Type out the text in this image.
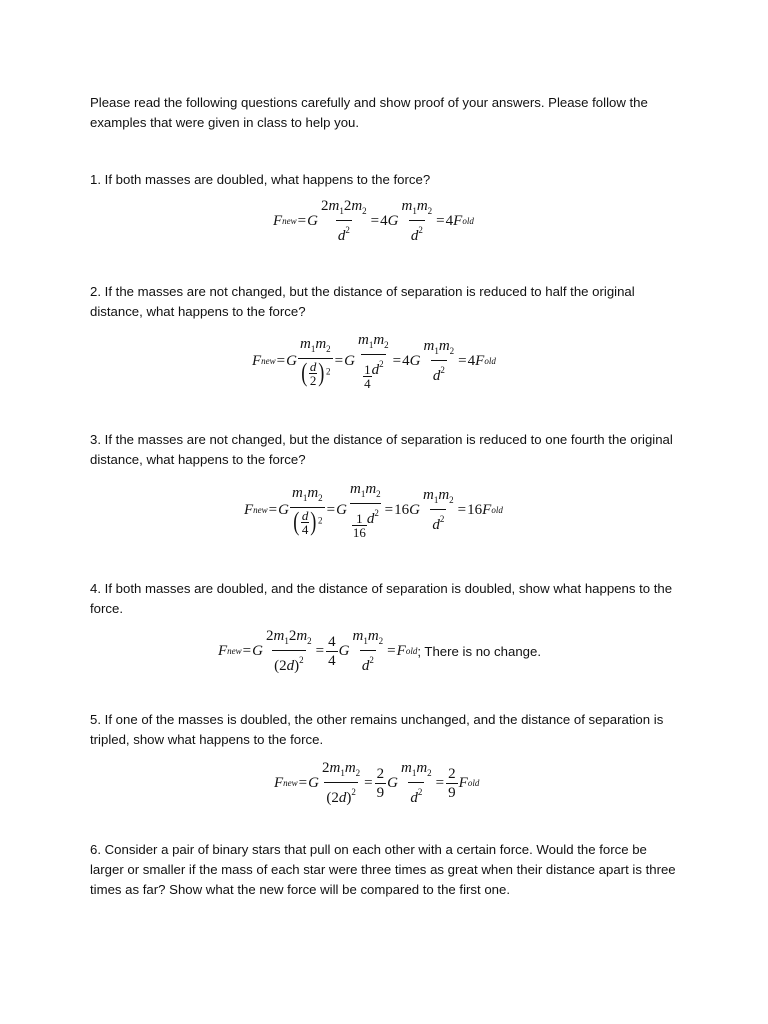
Please read the following questions carefully and show proof of your answers. Please follow the examples that were given in class to help you.

1. If both masses are doubled, what happens to the force?

F new = G $\frac{2m_12m_2}{d^2} = 4$ G $\frac{m_1m_2}{d^2} = 4$ F old

2. If the masses are not changed, but the distance of separation is reduced to half the original distance, what happens to the force?

F new = G $\frac{m_1m_2}{( \frac{d}{2} ) ^2} = G \frac{m_1m_2}{\frac{1}{4} d^2} = 4$ G $\frac{m_1m_2}{d^2} = 4$ F old

3. If the masses are not changed, but the distance of separation is reduced to one fourth the original distance, what happens to the force?

F new = G $\frac{m_1m_2}{( \frac{d}{4} ) ^2} = G \frac{m_1m_2}{\frac{1}{16} d^2} = 16$ G $\frac{m_1m_2}{d^2} = 16$ F old

4. If both masses are doubled, and the distance of separation is doubled, show what happens to the force.

F new = G $\frac{2m_12m_2}{(2d)^2} = \frac{4}{4}$ G $\frac{m_1m_2}{d^2} = F$ old ; There is no change.

5. If one of the masses is doubled, the other remains unchanged, and the distance of separation is tripled, show what happens to the force.

F new = G $\frac{2m_1m_2}{(2d)^2} = \frac{2}{9}$ G $\frac{m_1m_2}{d^2} = \frac{2}{9}$ F old

6. Consider a pair of binary stars that pull on each other with a certain force. Would the force be larger or smaller if the mass of each star were three times as great when their distance apart is three times as far? Show what the new force will be compared to the first one.
